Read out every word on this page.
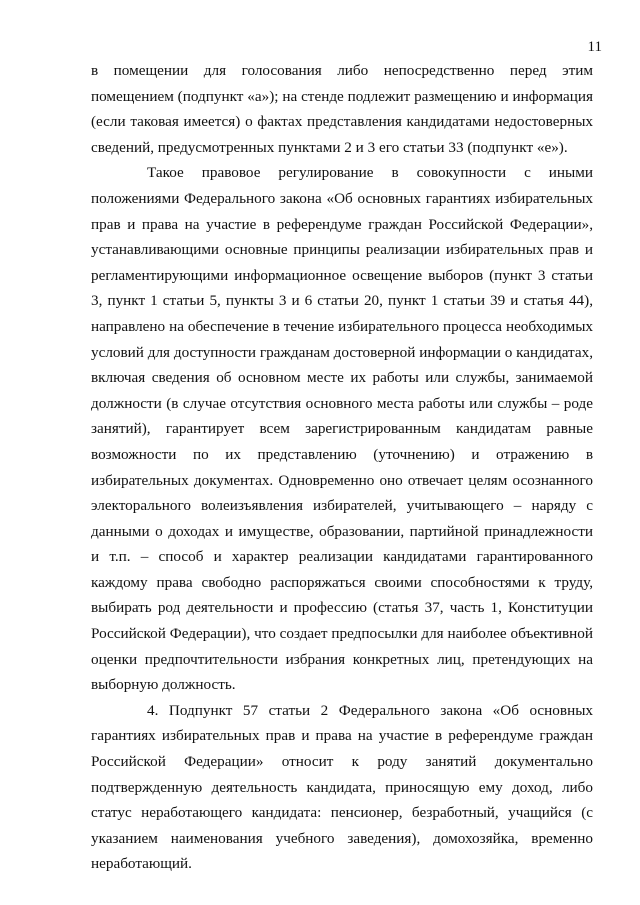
11

в помещении для голосования либо непосредственно перед этим помещением (подпункт «а»); на стенде подлежит размещению и информация (если таковая имеется) о фактах представления кандидатами недостоверных сведений, предусмотренных пунктами 2 и 3 его статьи 33 (подпункт «е»).

Такое правовое регулирование в совокупности с иными положениями Федерального закона «Об основных гарантиях избирательных прав и права на участие в референдуме граждан Российской Федерации», устанавливающими основные принципы реализации избирательных прав и регламентирующими информационное освещение выборов (пункт 3 статьи 3, пункт 1 статьи 5, пункты 3 и 6 статьи 20, пункт 1 статьи 39 и статья 44), направлено на обеспечение в течение избирательного процесса необходимых условий для доступности гражданам достоверной информации о кандидатах, включая сведения об основном месте их работы или службы, занимаемой должности (в случае отсутствия основного места работы или службы – роде занятий), гарантирует всем зарегистрированным кандидатам равные возможности по их представлению (уточнению) и отражению в избирательных документах. Одновременно оно отвечает целям осознанного электорального волеизъявления избирателей, учитывающего – наряду с данными о доходах и имуществе, образовании, партийной принадлежности и т.п. – способ и характер реализации кандидатами гарантированного каждому права свободно распоряжаться своими способностями к труду, выбирать род деятельности и профессию (статья 37, часть 1, Конституции Российской Федерации), что создает предпосылки для наиболее объективной оценки предпочтительности избрания конкретных лиц, претендующих на выборную должность.

4. Подпункт 57 статьи 2 Федерального закона «Об основных гарантиях избирательных прав и права на участие в референдуме граждан Российской Федерации» относит к роду занятий документально подтвержденную деятельность кандидата, приносящую ему доход, либо статус неработающего кандидата: пенсионер, безработный, учащийся (с указанием наименования учебного заведения), домохозяйка, временно неработающий.
